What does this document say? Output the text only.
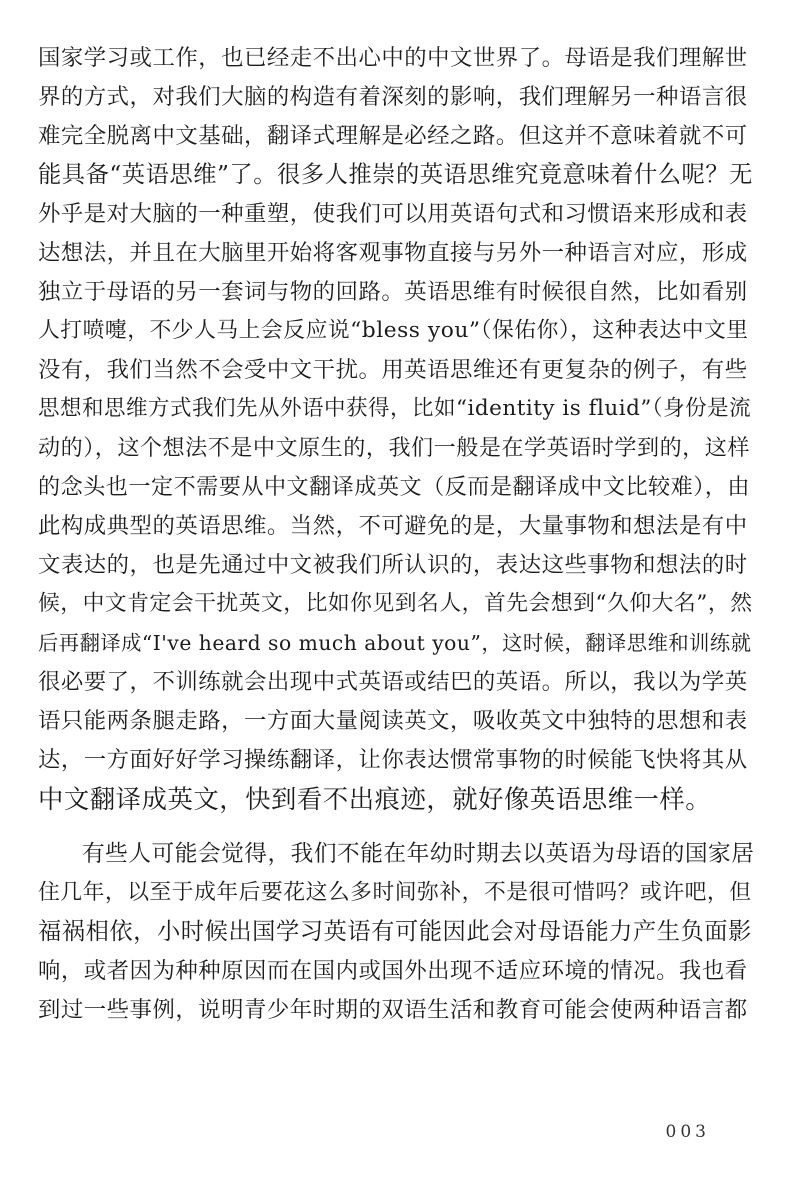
国家学习或工作，也已经走不出心中的中文世界了。母语是我们理解世
界的方式，对我们大脑的构造有着深刻的影响，我们理解另一种语言很
难完全脱离中文基础，翻译式理解是必经之路。但这并不意味着就不可
能具备“英语思维”了。很多人推崇的英语思维究竟意味着什么呢？无
外乎是对大脑的一种重塑，使我们可以用英语句式和习惯语来形成和表
达想法，并且在大脑里开始将客观事物直接与另外一种语言对应，形成
独立于母语的另一套词与物的回路。英语思维有时候很自然，比如看别
人打喷嚏，不少人马上会反应说“bless you”（保佑你），这种表达中文里
没有，我们当然不会受中文干扰。用英语思维还有更复杂的例子，有些
思想和思维方式我们先从外语中获得，比如“identity is fluid”（身份是流
动的），这个想法不是中文原生的，我们一般是在学英语时学到的，这样
的念头也一定不需要从中文翻译成英文（反而是翻译成中文比较难），由
此构成典型的英语思维。当然，不可避免的是，大量事物和想法是有中
文表达的，也是先通过中文被我们所认识的，表达这些事物和想法的时
候，中文肯定会干扰英文，比如你见到名人，首先会想到“久仰大名”，然
后再翻译成“I've heard so much about you”，这时候，翻译思维和训练就
很必要了，不训练就会出现中式英语或结巴的英语。所以，我以为学英
语只能两条腿走路，一方面大量阅读英文，吸收英文中独特的思想和表
达，一方面好好学习操练翻译，让你表达惯常事物的时候能飞快将其从
中文翻译成英文，快到看不出痕迹，就好像英语思维一样。
有些人可能会觉得，我们不能在年幼时期去以英语为母语的国家居
住几年，以至于成年后要花这么多时间弥补，不是很可惜吗？或许吧，但
福祸相依，小时候出国学习英语有可能因此会对母语能力产生负面影
响，或者因为种种原因而在国内或国外出现不适应环境的情况。我也看
到过一些事例，说明青少年时期的双语生活和教育可能会使两种语言都
003
